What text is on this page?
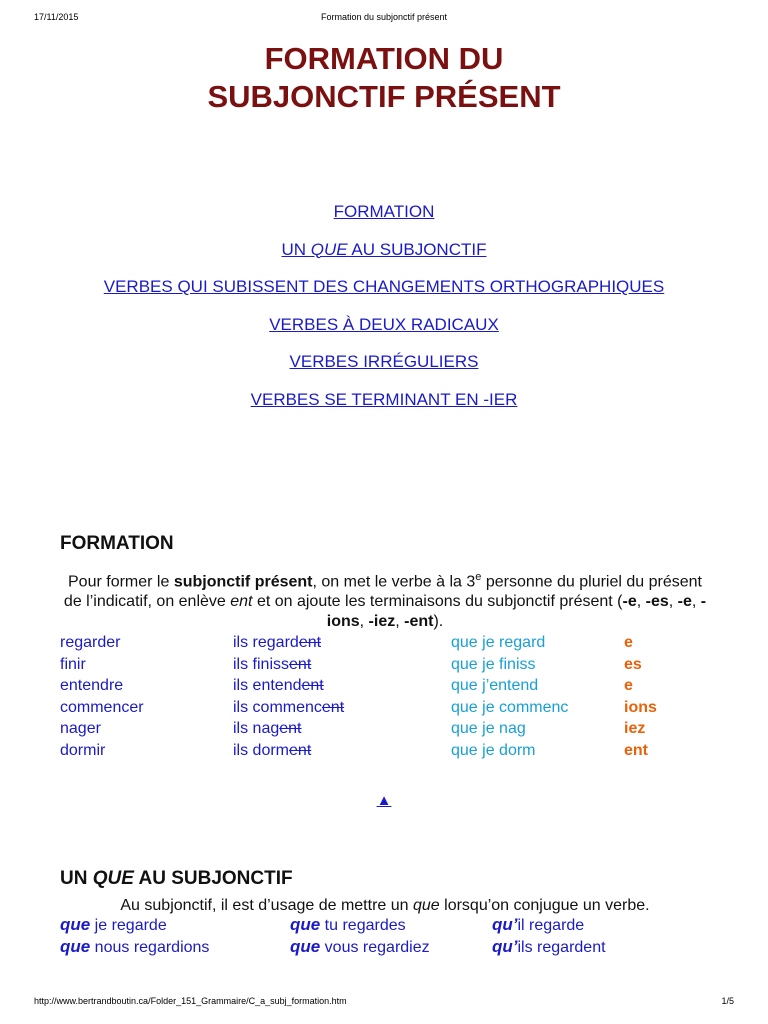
17/11/2015	Formation du subjonctif présent
FORMATION DU
SUBJONCTIF PRÉSENT
FORMATION
UN QUE AU SUBJONCTIF
VERBES QUI SUBISSENT DES CHANGEMENTS ORTHOGRAPHIQUES
VERBES À DEUX RADICAUX
VERBES IRRÉGULIERS
VERBES SE TERMINANT EN -IER
FORMATION

Pour former le subjonctif présent, on met le verbe à la 3e personne du pluriel du présent de l’indicatif, on enlève ent et on ajoute les terminaisons du subjonctif présent (-e, -es, -e, -ions, -iez, -ent).

regarder	ils regardent	que je regard	e
finir	ils finissent	que je finiss	es
entendre	ils entendent	que j’entend	e
commencer	ils commencent	que je commenc	ions
nager	ils nagent	que je nag	iez
dormir	ils dorment	que je dorm	ent
▲
UN QUE AU SUBJONCTIF

Au subjonctif, il est d’usage de mettre un que lorsqu’on conjugue un verbe.

que je regarde	que tu regardes	qu’il regarde
que nous regardions	que vous regardiez	qu’ils regardent
http://www.bertrandboutin.ca/Folder_151_Grammaire/C_a_subj_formation.htm	1/5
